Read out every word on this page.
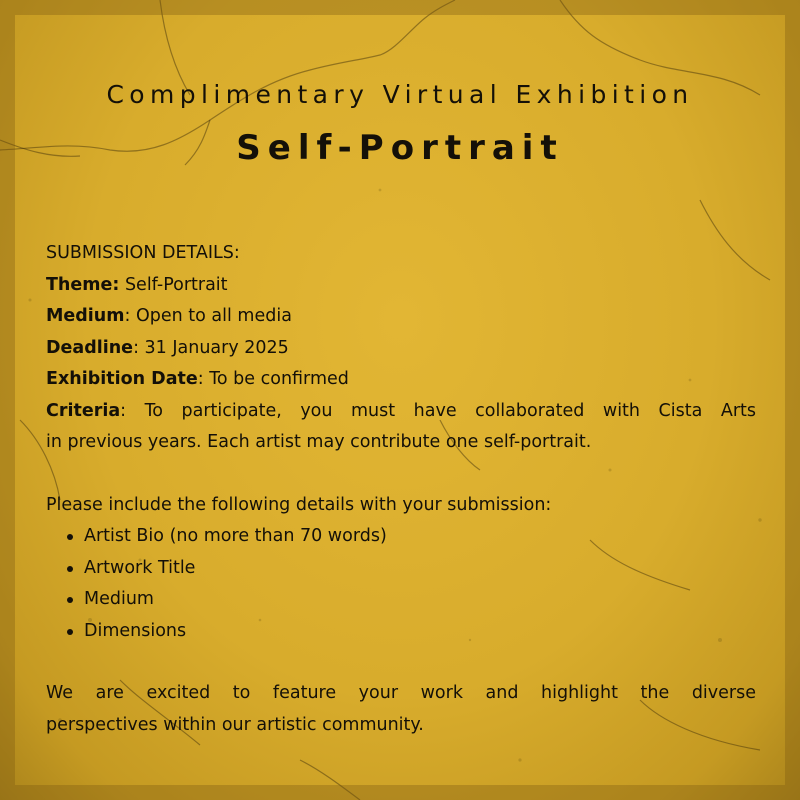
Complimentary Virtual Exhibition
Self-Portrait
SUBMISSION DETAILS:
Theme: Self-Portrait
Medium: Open to all media
Deadline: 31 January 2025
Exhibition Date: To be confirmed
Criteria: To participate, you must have collaborated with Cista Arts
in previous years. Each artist may contribute one self-portrait.
Please include the following details with your submission:
Artist Bio (no more than 70 words)
Artwork Title
Medium
Dimensions
We are excited to feature your work and highlight the diverse
perspectives within our artistic community.
